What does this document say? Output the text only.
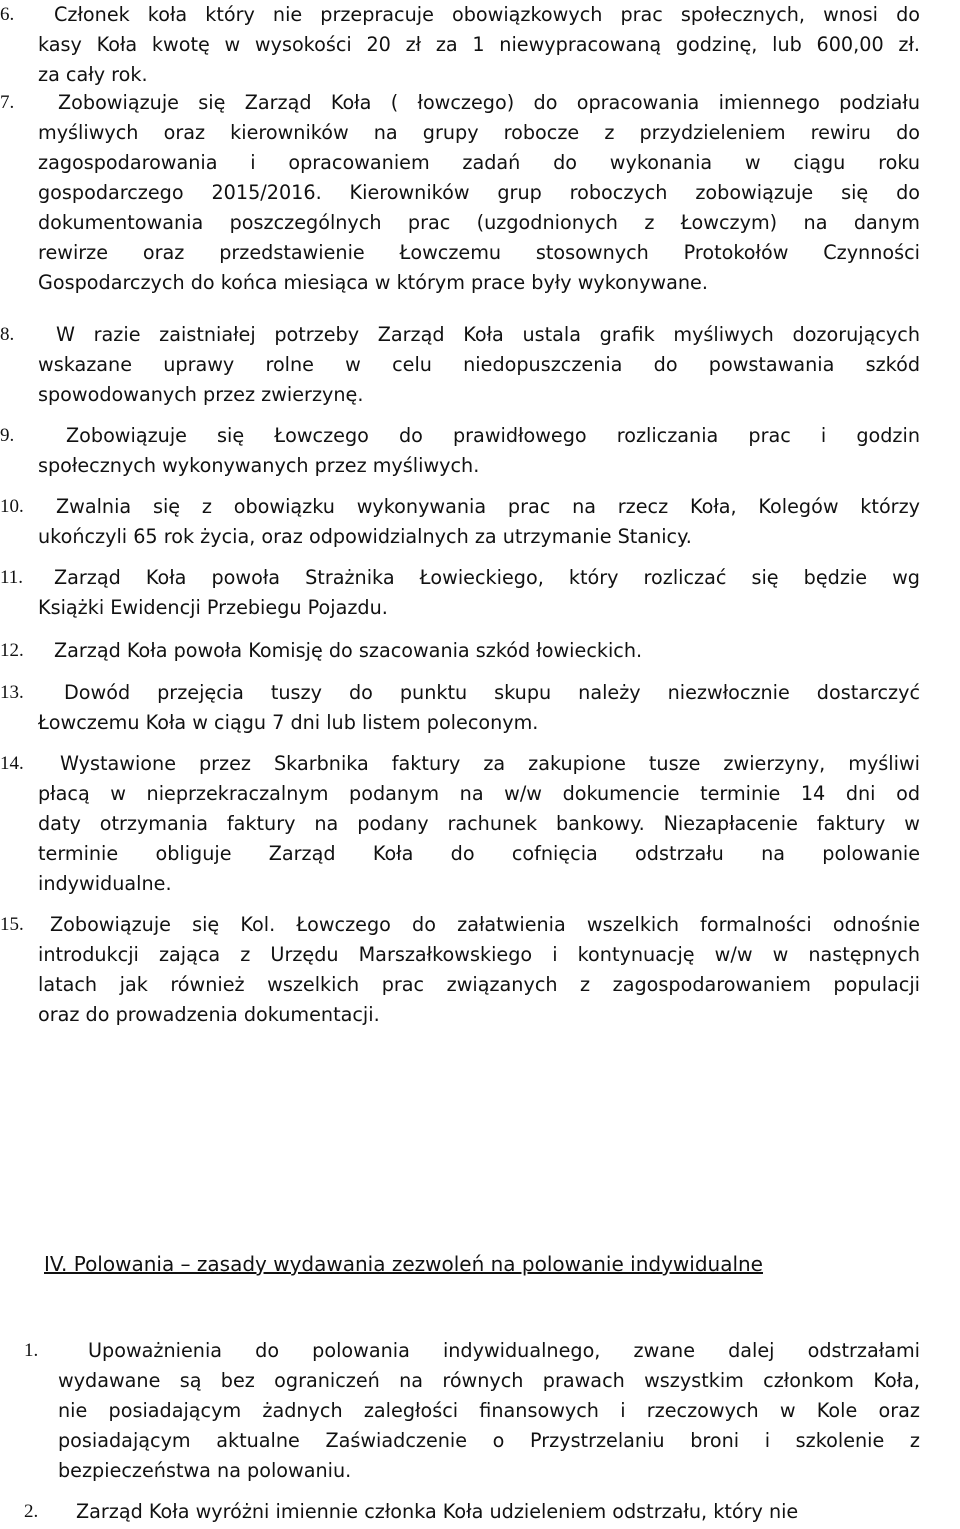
6. Członek koła który nie przepracuje obowiązkowych prac społecznych, wnosi do
kasy Koła kwotę w wysokości 20 zł za 1 niewypracowaną godzinę, lub 600,00 zł.
za cały rok.
7. Zobowiązuje się Zarząd Koła ( łowczego) do opracowania imiennego podziału
myśliwych oraz kierowników na grupy robocze z przydzieleniem rewiru do
zagospodarowania i opracowaniem zadań do wykonania w ciągu roku
gospodarczego 2015/2016. Kierowników grup roboczych zobowiązuje się do
dokumentowania poszczególnych prac (uzgodnionych z Łowczym) na danym
rewirze oraz przedstawienie Łowczemu stosownych Protokołów Czynności
Gospodarczych do końca miesiąca w którym prace były wykonywane.
8. W razie zaistniałej potrzeby Zarząd Koła ustala grafik myśliwych dozorujących
wskazane uprawy rolne w celu niedopuszczenia do powstawania szkód
spowodowanych przez zwierzynę.
9.	Zobowiązuje się Łowczego do prawidłowego rozliczania prac i godzin
społecznych wykonywanych przez myśliwych.
10. Zwalnia się z obowiązku wykonywania prac na rzecz Koła, Kolegów którzy
ukończyli 65 rok życia, oraz odpowidzialnych za utrzymanie Stanicy.
11. Zarząd Koła powoła Strażnika Łowieckiego, który rozliczać się będzie wg
Książki Ewidencji Przebiegu Pojazdu.
12. Zarząd Koła powoła Komisję do szacowania szkód łowieckich.
13. Dowód przejęcia tuszy do punktu skupu należy niezwłocznie dostarczyć
Łowczemu Koła w ciągu 7 dni lub listem poleconym.
14. Wystawione przez Skarbnika faktury za zakupione tusze zwierzyny, myśliwi
płacą w nieprzekraczalnym podanym na w/w dokumencie terminie 14 dni od
daty otrzymania faktury na podany rachunek bankowy. Niezapłacenie faktury w
terminie obliguje Zarząd Koła do cofnięcia odstrzału na polowanie
indywidualne.
15. Zobowiązuje się Kol. Łowczego do załatwienia wszelkich formalności odnośnie
introdukcji zająca z Urzędu Marszałkowskiego i kontynuację w/w w następnych
latach jak również wszelkich prac związanych z zagospodarowaniem populacji
oraz do prowadzenia dokumentacji.
IV. Polowania – zasady wydawania zezwoleń na polowanie indywidualne
1.	Upoważnienia do polowania indywidualnego, zwane dalej odstrzałami
wydawane są bez ograniczeń na równych prawach wszystkim członkom Koła,
nie posiadającym żadnych zaległości finansowych i rzeczowych w Kole oraz
posiadającym aktualne Zaświadczenie o Przystrzelaniu broni i szkolenie z
bezpieczeństwa na polowaniu.
2. Zarząd Koła wyróżni imiennie członka Koła udzieleniem odstrzału, który nie
